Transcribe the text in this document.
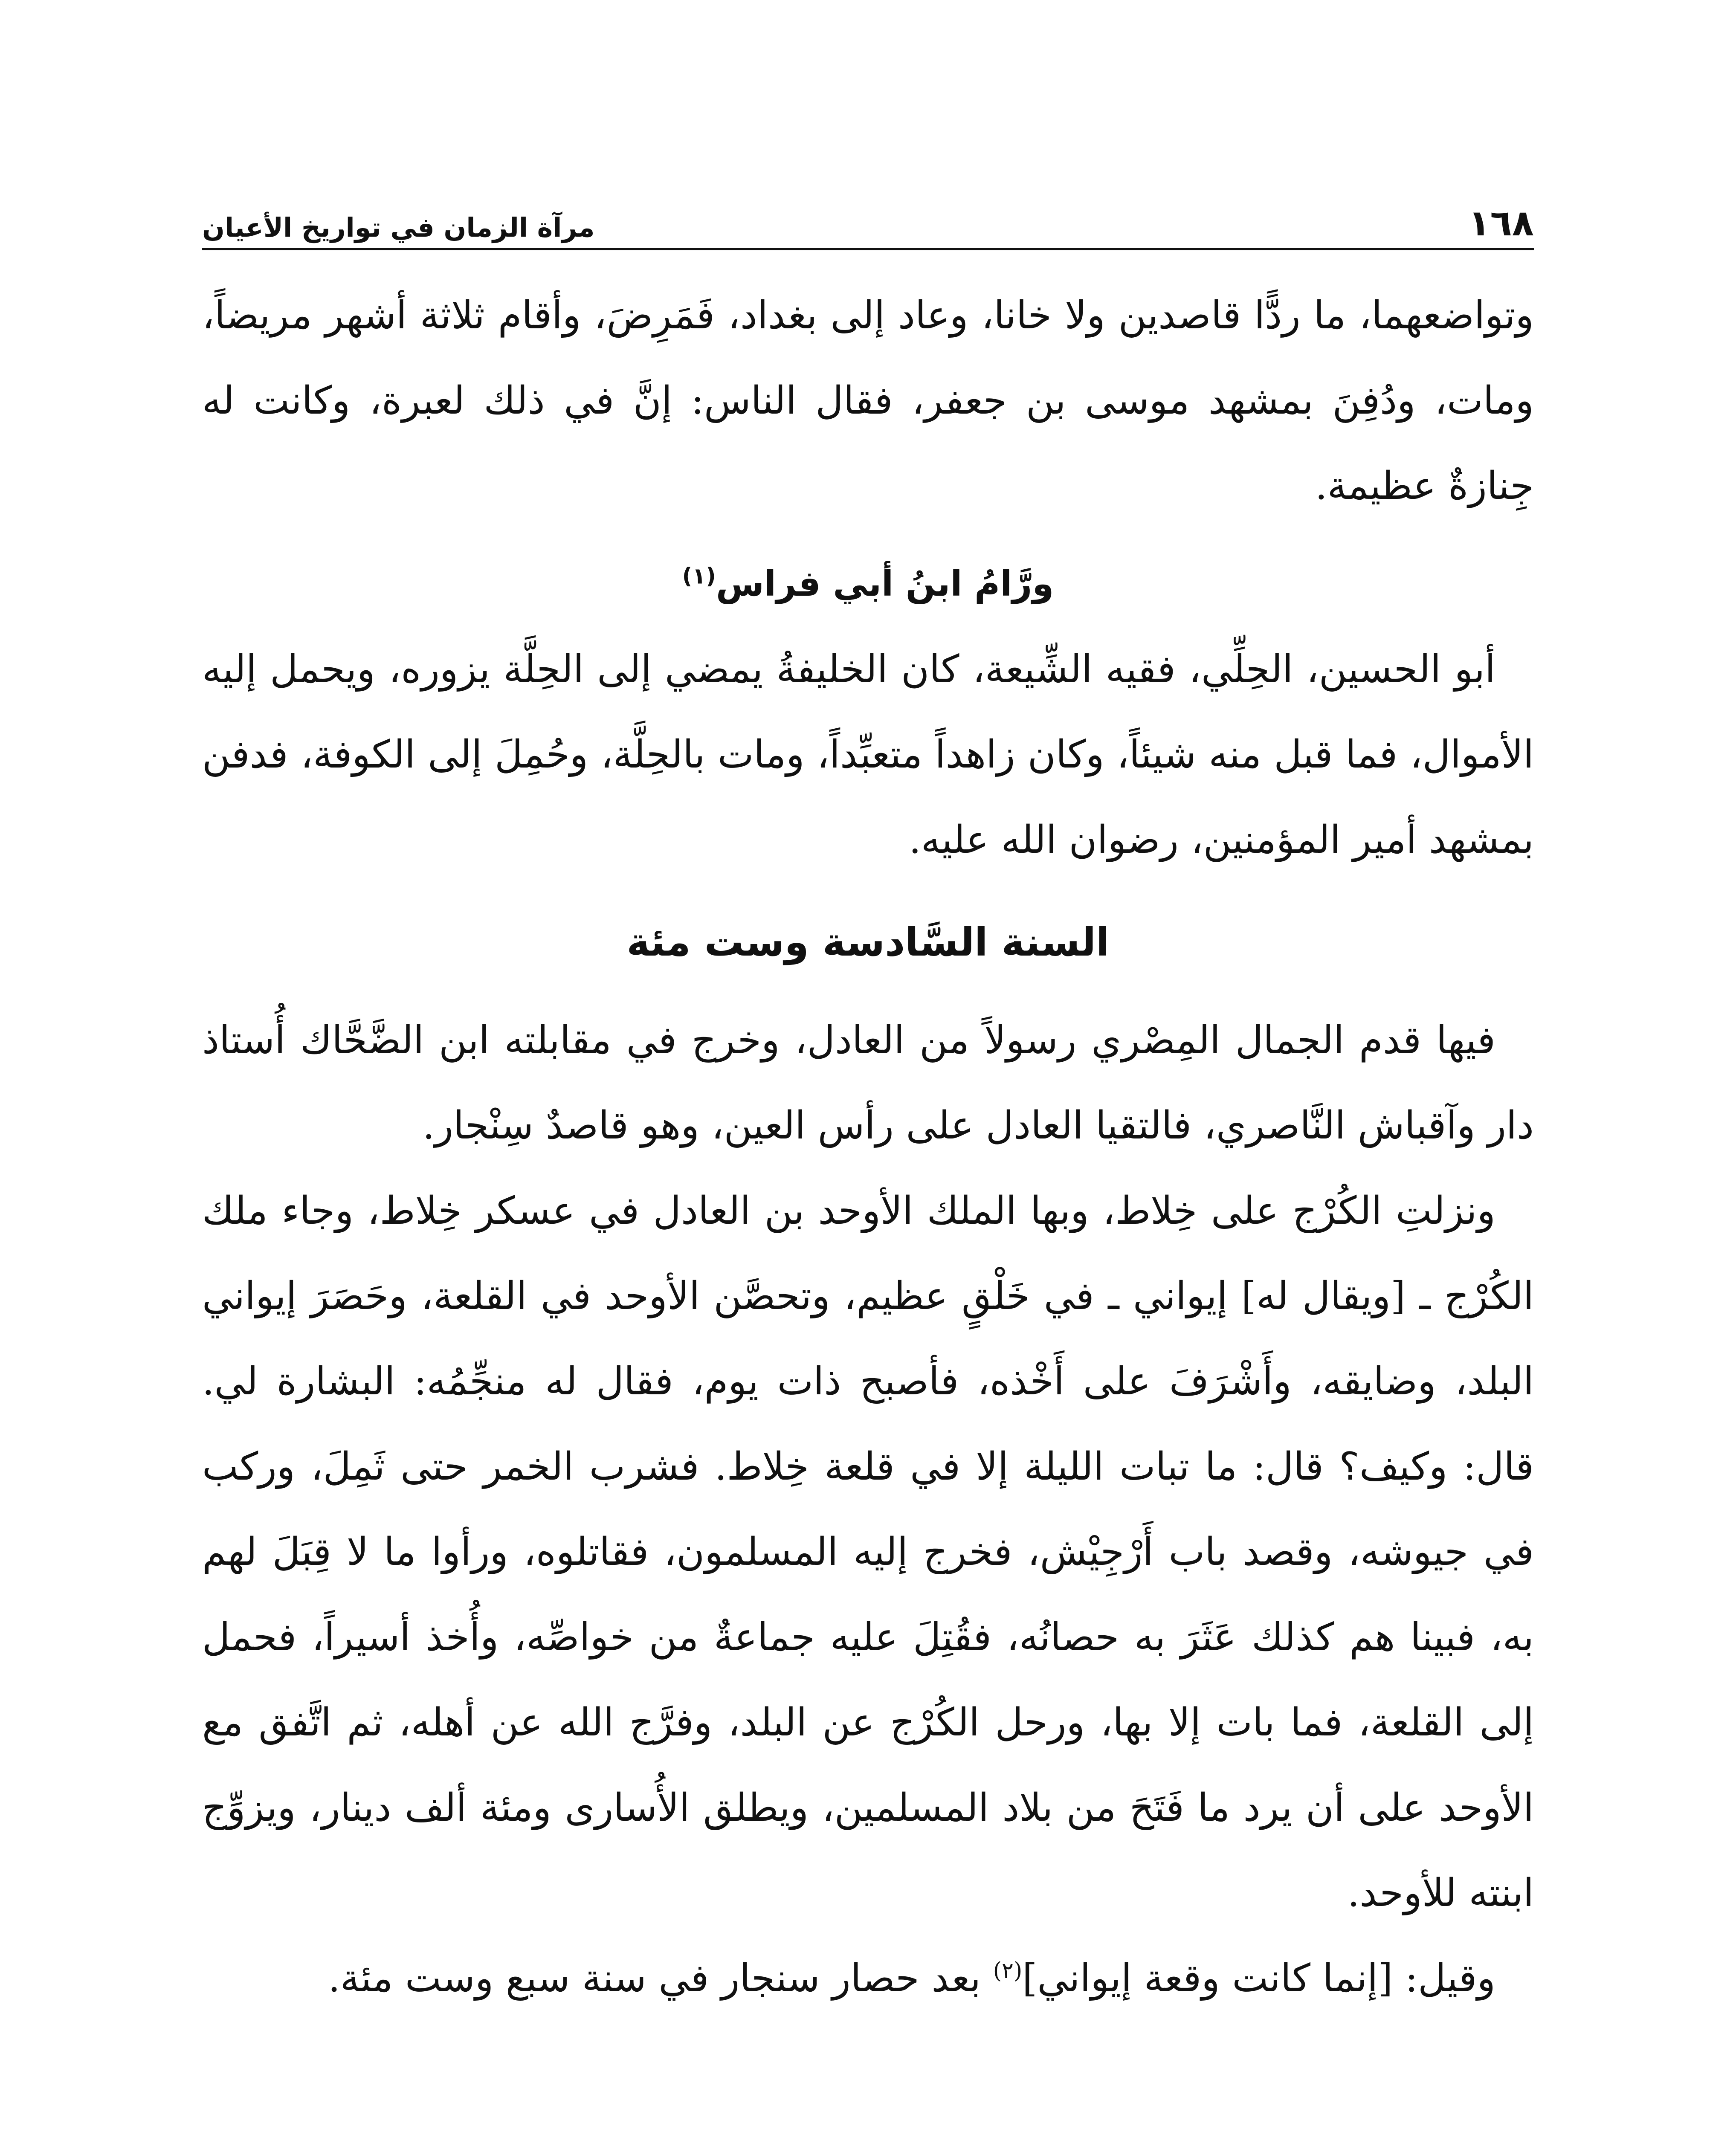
١٦٨
مرآة الزمان في تواريخ الأعيان

وتواضعهما، ما ردًّا قاصدين ولا خانا، وعاد إلى بغداد، فَمَرِضَ، وأقام ثلاثة أشهر مريضاً، ومات، ودُفِنَ بمشهد موسى بن جعفر، فقال الناس: إنَّ في ذلك لعبرة، وكانت له جِنازةٌ عظيمة.

ورَّامُ ابنُ أبي فراس$^{(١)}$

أبو الحسين، الحِلِّي، فقيه الشِّيعة، كان الخليفةُ يمضي إلى الحِلَّة يزوره، ويحمل إليه الأموال، فما قبل منه شيئاً، وكان زاهداً متعبِّداً، ومات بالحِلَّة، وحُمِلَ إلى الكوفة، فدفن بمشهد أمير المؤمنين، رضوان الله عليه.

السنة السَّادسة وست مئة

فيها قدم الجمال المِصْري رسولاً من العادل، وخرج في مقابلته ابن الضَّحَّاك أُستاذ دار وآقباش النَّاصري، فالتقيا العادل على رأس العين، وهو قاصدٌ سِنْجار.

ونزلتِ الكُرْج على خِلاط، وبها الملك الأوحد بن العادل في عسكر خِلاط، وجاء ملك الكُرْج ـ [ويقال له] إيواني ـ في خَلْقٍ عظيم، وتحصَّن الأوحد في القلعة، وحَصَرَ إيواني البلد، وضايقه، وأَشْرَفَ على أَخْذه، فأصبح ذات يوم، فقال له منجِّمُه: البشارة لي. قال: وكيف؟ قال: ما تبات الليلة إلا في قلعة خِلاط. فشرب الخمر حتى ثَمِلَ، وركب في جيوشه، وقصد باب أَرْجِيْش، فخرج إليه المسلمون، فقاتلوه، ورأوا ما لا قِبَلَ لهم به، فبينا هم كذلك عَثَرَ به حصانُه، فقُتِلَ عليه جماعةٌ من خواصِّه، وأُخذ أسيراً، فحمل إلى القلعة، فما بات إلا بها، ورحل الكُرْج عن البلد، وفرَّج الله عن أهله، ثم اتَّفق مع الأوحد على أن يرد ما فَتَحَ من بلاد المسلمين، ويطلق الأُسارى ومئة ألف دينار، ويزوِّج ابنته للأوحد.

وقيل: [إنما كانت وقعة إيواني]$^{(٢)}$ بعد حصار سنجار في سنة سبع وست مئة.
